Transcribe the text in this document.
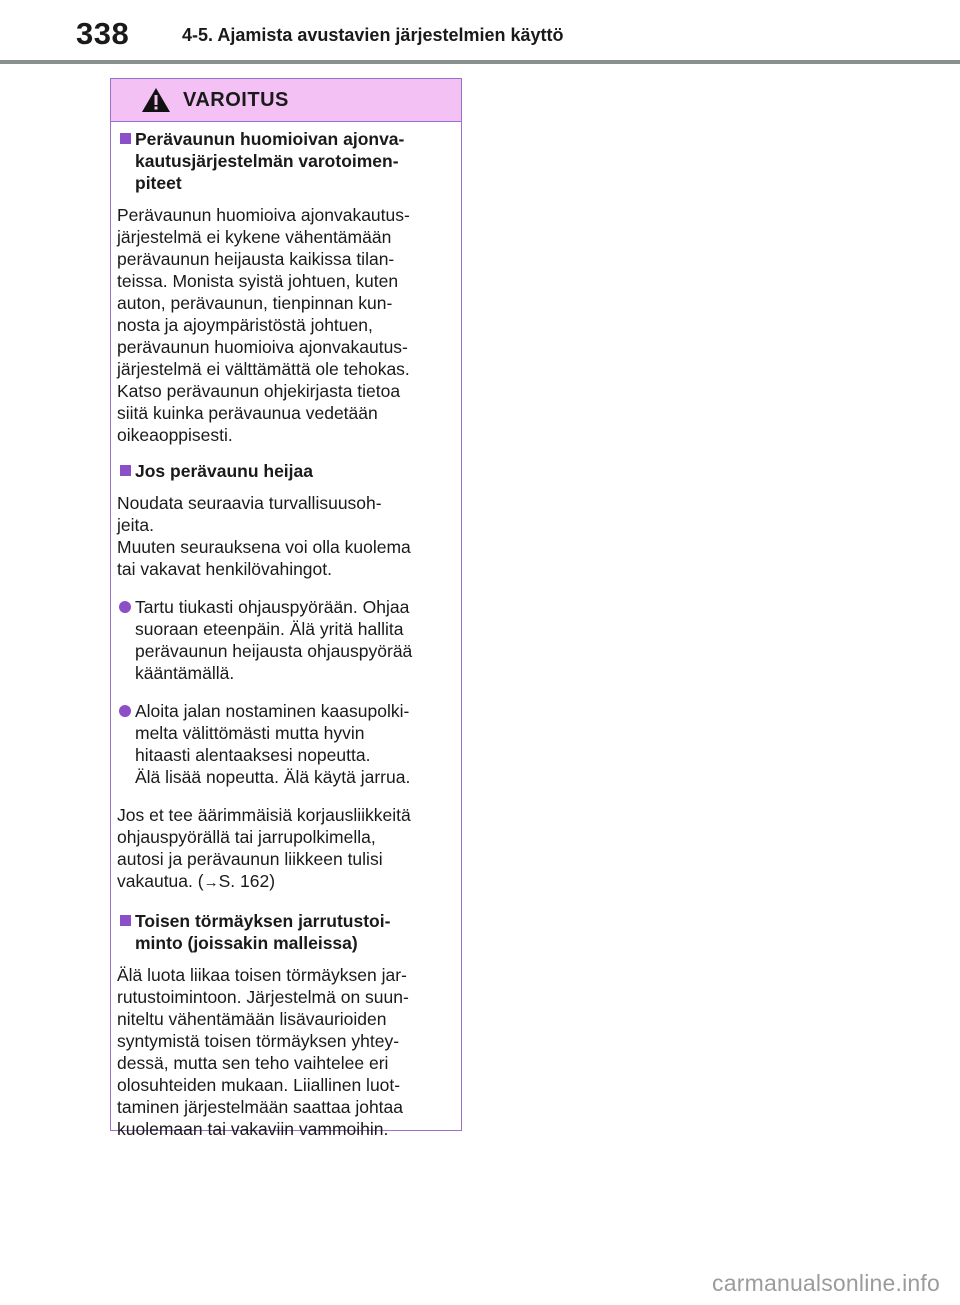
338	4-5. Ajamista avustavien järjestelmien käyttö
VAROITUS
Perävaunun huomioivan ajonva-
kautusjärjestelmän varotoimen-
piteet
Perävaunun huomioiva ajonvakautus-
järjestelmä ei kykene vähentämään
perävaunun heijausta kaikissa tilan-
teissa. Monista syistä johtuen, kuten
auton, perävaunun, tienpinnan kun-
nosta ja ajoympäristöstä johtuen,
perävaunun huomioiva ajonvakautus-
järjestelmä ei välttämättä ole tehokas.
Katso perävaunun ohjekirjasta tietoa
siitä kuinka perävaunua vedetään
oikeaoppisesti.
Jos perävaunu heijaa
Noudata seuraavia turvallisuusoh-
jeita.
Muuten seurauksena voi olla kuolema
tai vakavat henkilövahingot.
Tartu tiukasti ohjauspyörään. Ohjaa
suoraan eteenpäin. Älä yritä hallita
perävaunun heijausta ohjauspyörää
kääntämällä.
Aloita jalan nostaminen kaasupolki-
melta välittömästi mutta hyvin
hitaasti alentaaksesi nopeutta.
Älä lisää nopeutta. Älä käytä jarrua.
Jos et tee äärimmäisiä korjausliikkeitä
ohjauspyörällä tai jarrupolkimella,
autosi ja perävaunun liikkeen tulisi
vakautua. (→S. 162)
Toisen törmäyksen jarrutustoi-
minto (joissakin malleissa)
Älä luota liikaa toisen törmäyksen jar-
rutustoimintoon. Järjestelmä on suun-
niteltu vähentämään lisävaurioiden
syntymistä toisen törmäyksen yhtey-
dessä, mutta sen teho vaihtelee eri
olosuhteiden mukaan. Liiallinen luot-
taminen järjestelmään saattaa johtaa
kuolemaan tai vakaviin vammoihin.
carmanualsonline.info
